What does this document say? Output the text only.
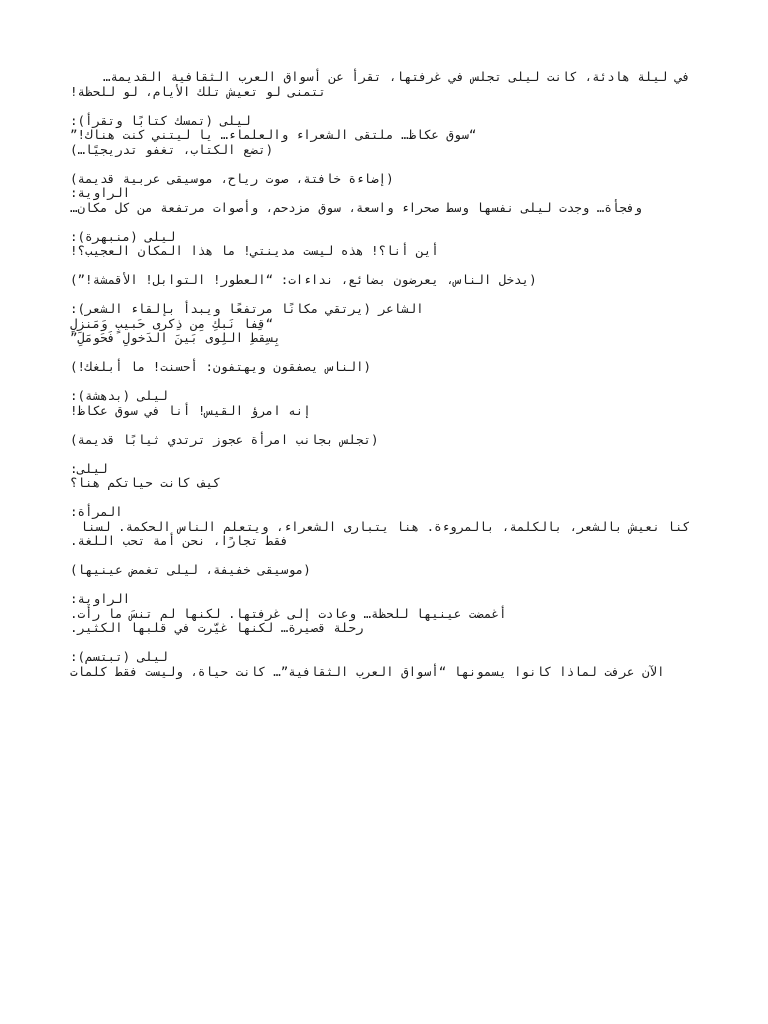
في ليلة هادئة، كانت ليلى تجلس في غرفتها، تقرأ عن أسواق العرب الثقافية القديمة…
تتمنى لو تعيش تلك الأيام، لو للحظة!
ليلى (تمسك كتابًا وتقرأ):
“سوق عكاظ… ملتقى الشعراء والعلماء… يا ليتني كنت هناك!”
(تضع الكتاب، تغفو تدريجيًا…)
(إضاءة خافتة، صوت رياح، موسيقى عربية قديمة)
الراوية:
وفجأة… وجدت ليلى نفسها وسط صحراء واسعة، سوق مزدحم، وأصوات مرتفعة من كل مكان…
ليلى (منبهرة):
أين أنا؟! هذه ليست مدينتي! ما هذا المكان العجيب؟!
(يدخل الناس، يعرضون بضائع، نداءات: “العطور! التوابل! الأقمشة!”)
الشاعر (يرتقي مكانًا مرتفعًا ويبدأ بإلقاء الشعر):
“قِفا نَبكِ مِن ذِكرى حَبيبٍ وَمَنزِلِ
بِسِقطِ اللِوى بَينَ الدَخولِ فَحَومَلِ”
(الناس يصفقون ويهتفون: أحسنت! ما أبلغك!)
ليلى (بدهشة):
إنه امرؤ القيس! أنا في سوق عكاظ!
(تجلس بجانب امرأة عجوز ترتدي ثيابًا قديمة)
ليلى:
كيف كانت حياتكم هنا؟
المرأة:
كنا نعيش بالشعر، بالكلمة، بالمروءة. هنا يتبارى الشعراء، ويتعلم الناس الحكمة. لسنا
فقط تجارًا، نحن أمة تحب اللغة.
(موسيقى خفيفة، ليلى تغمض عينيها)
الراوية:
أغمضت عينيها للحظة… وعادت إلى غرفتها. لكنها لم تنسَ ما رأت.
رحلة قصيرة… لكنها غيّرت في قلبها الكثير.
ليلى (تبتسم):
الآن عرفت لماذا كانوا يسمونها “أسواق العرب الثقافية”… كانت حياة، وليست فقط كلمات
